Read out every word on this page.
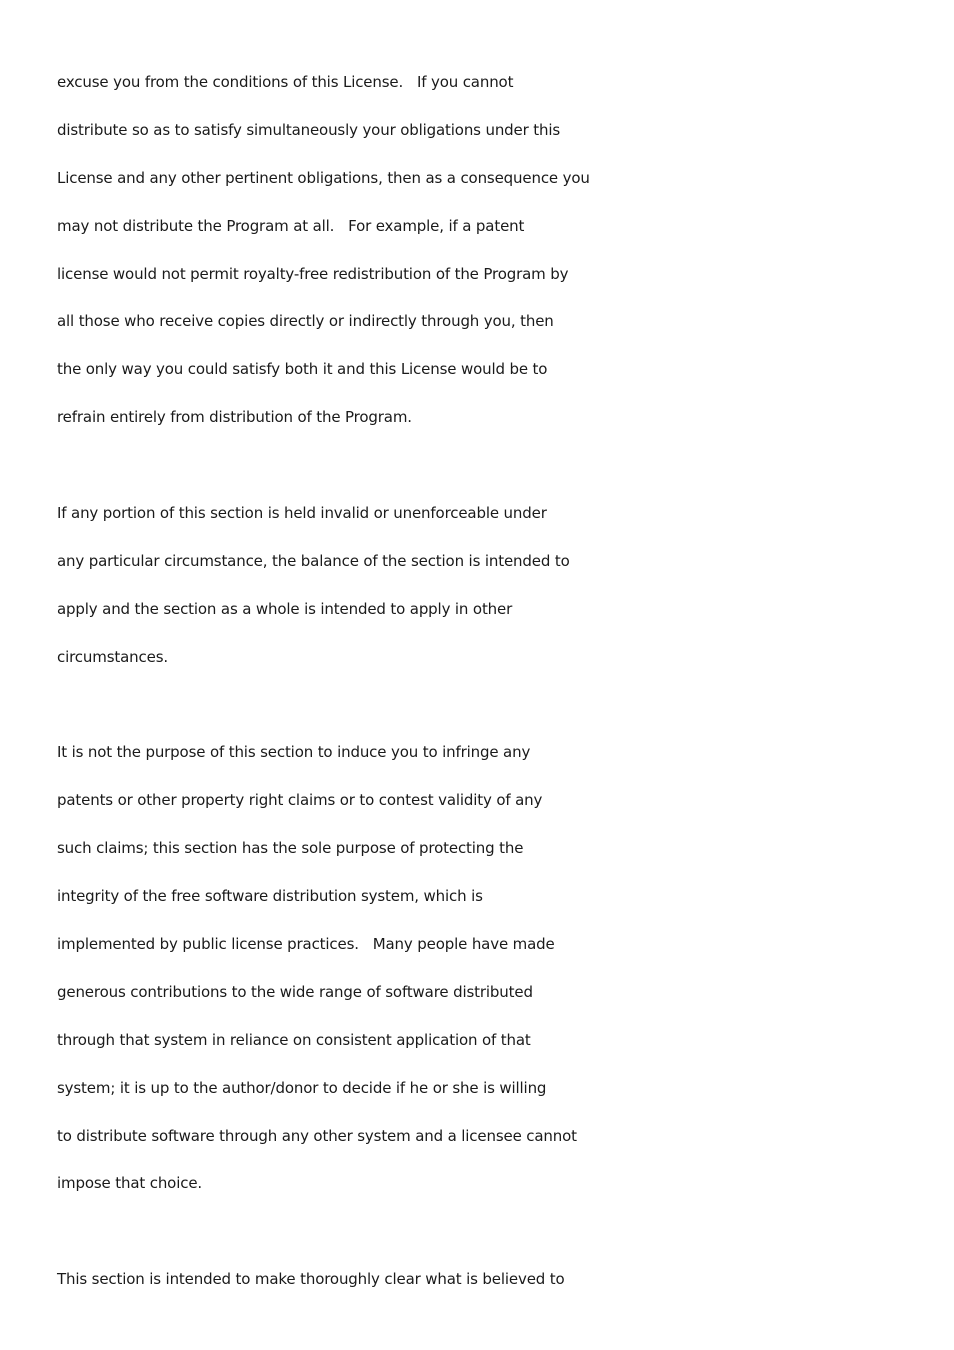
excuse you from the conditions of this License.   If you cannot
distribute so as to satisfy simultaneously your obligations under this
License and any other pertinent obligations, then as a consequence you
may not distribute the Program at all.   For example, if a patent
license would not permit royalty-free redistribution of the Program by
all those who receive copies directly or indirectly through you, then
the only way you could satisfy both it and this License would be to
refrain entirely from distribution of the Program.

If any portion of this section is held invalid or unenforceable under
any particular circumstance, the balance of the section is intended to
apply and the section as a whole is intended to apply in other
circumstances.

It is not the purpose of this section to induce you to infringe any
patents or other property right claims or to contest validity of any
such claims; this section has the sole purpose of protecting the
integrity of the free software distribution system, which is
implemented by public license practices.   Many people have made
generous contributions to the wide range of software distributed
through that system in reliance on consistent application of that
system; it is up to the author/donor to decide if he or she is willing
to distribute software through any other system and a licensee cannot
impose that choice.

This section is intended to make thoroughly clear what is believed to
